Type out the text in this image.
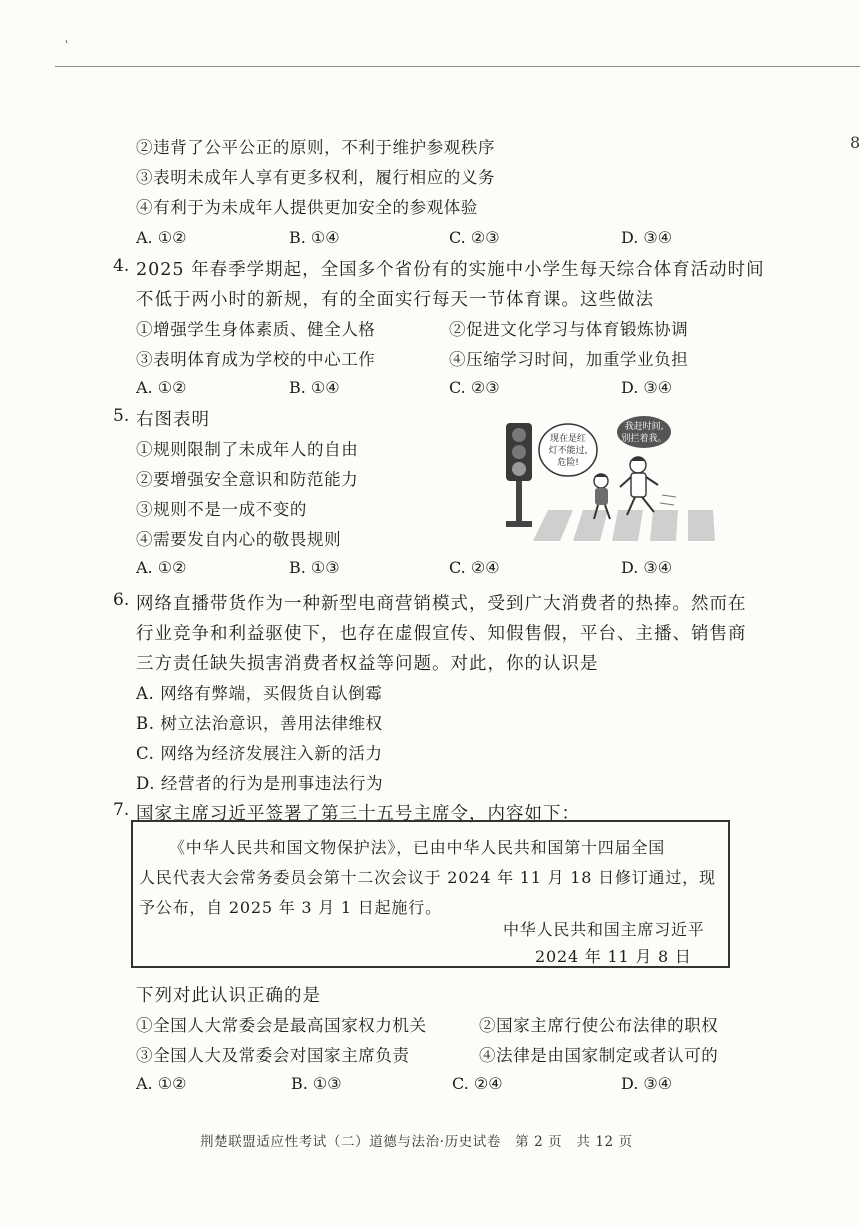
`
8
②违背了公平公正的原则，不利于维护参观秩序
③表明未成年人享有更多权利，履行相应的义务
④有利于为未成年人提供更加安全的参观体验
A. ①②	B. ①④	C. ②③	D. ③④
4. 2025 年春季学期起，全国多个省份有的实施中小学生每天综合体育活动时间
不低于两小时的新规，有的全面实行每天一节体育课。这些做法
①增强学生身体素质、健全人格	②促进文化学习与体育锻炼协调
③表明体育成为学校的中心工作	④压缩学习时间，加重学业负担
A. ①②	B. ①④	C. ②③	D. ③④
5. 右图表明
①规则限制了未成年人的自由
②要增强安全意识和防范能力
③规则不是一成不变的
④需要发自内心的敬畏规则
A. ①②	B. ①③	C. ②④	D. ③④
现在是红
灯不能过,
危险!
我赶时间,
别拦着我。
6. 网络直播带货作为一种新型电商营销模式，受到广大消费者的热捧。然而在
行业竞争和利益驱使下，也存在虚假宣传、知假售假，平台、主播、销售商
三方责任缺失损害消费者权益等问题。对此，你的认识是
A. 网络有弊端，买假货自认倒霉
B. 树立法治意识，善用法律维权
C. 网络为经济发展注入新的活力
D. 经营者的行为是刑事违法行为
7. 国家主席习近平签署了第三十五号主席令，内容如下：
《中华人民共和国文物保护法》，已由中华人民共和国第十四届全国
人民代表大会常务委员会第十二次会议于 2024 年 11 月 18 日修订通过，现
予公布，自 2025 年 3 月 1 日起施行。
中华人民共和国主席习近平
2024 年 11 月 8 日
下列对此认识正确的是
①全国人大常委会是最高国家权力机关	②国家主席行使公布法律的职权
③全国人大及常委会对国家主席负责	④法律是由国家制定或者认可的
A. ①②	B. ①③	C. ②④	D. ③④
荆楚联盟适应性考试（二）道德与法治·历史试卷　第 2 页　共 12 页
